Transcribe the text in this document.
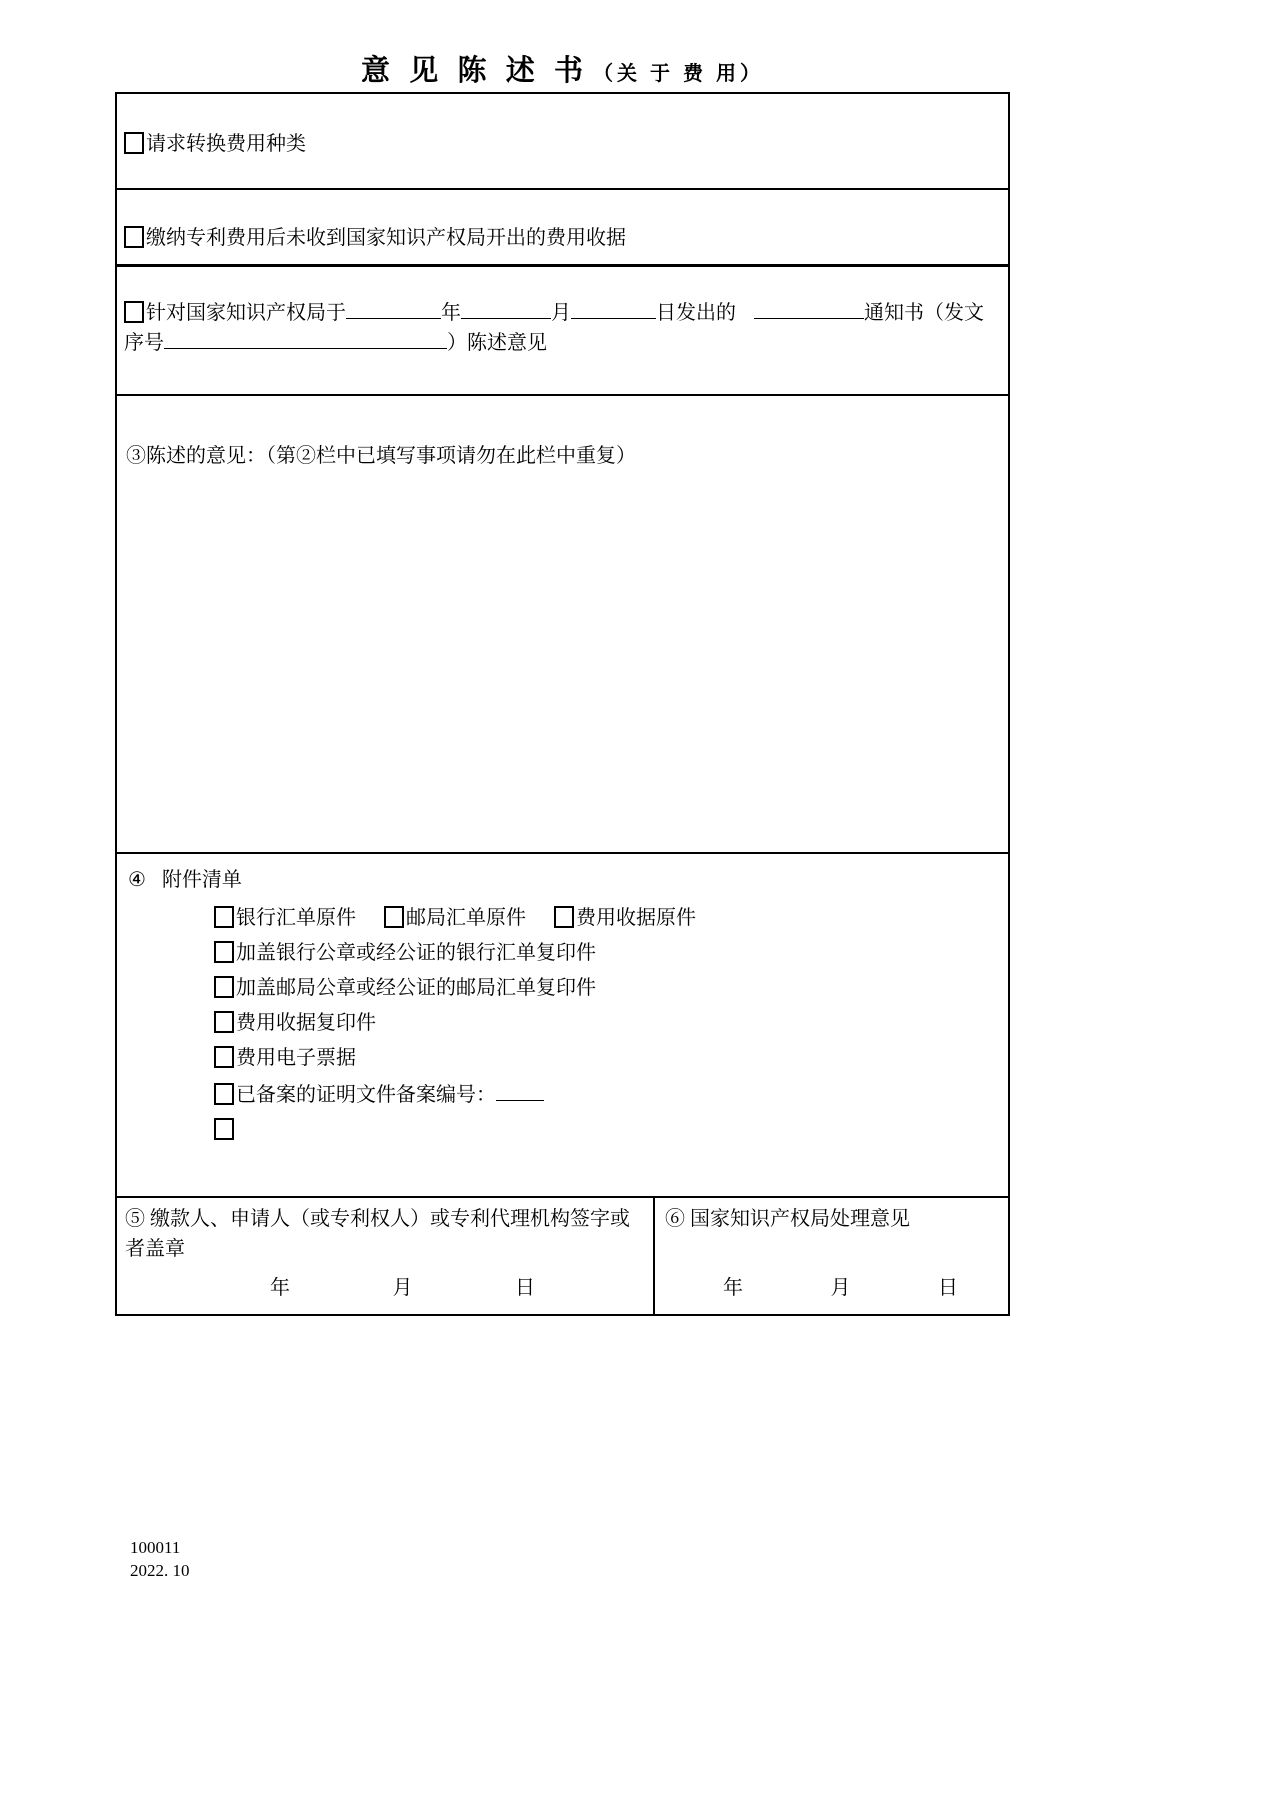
意 见 陈 述 书 （关 于 费 用）
请求转换费用种类
缴纳专利费用后未收到国家知识产权局开出的费用收据
针对国家知识产权局于	年	月	日发出的	通知书（发文
序号	）陈述意见
③陈述的意见：（第②栏中已填写事项请勿在此栏中重复）
④ 附件清单
银行汇单原件	邮局汇单原件	费用收据原件
加盖银行公章或经公证的银行汇单复印件
加盖邮局公章或经公证的邮局汇单复印件
费用收据复印件
费用电子票据
已备案的证明文件备案编号：
⑤ 缴款人、申请人（或专利权人）或专利代理机构签字或者盖章
年	月	日
⑥ 国家知识产权局处理意见
年	月	日
100011
2022. 10
